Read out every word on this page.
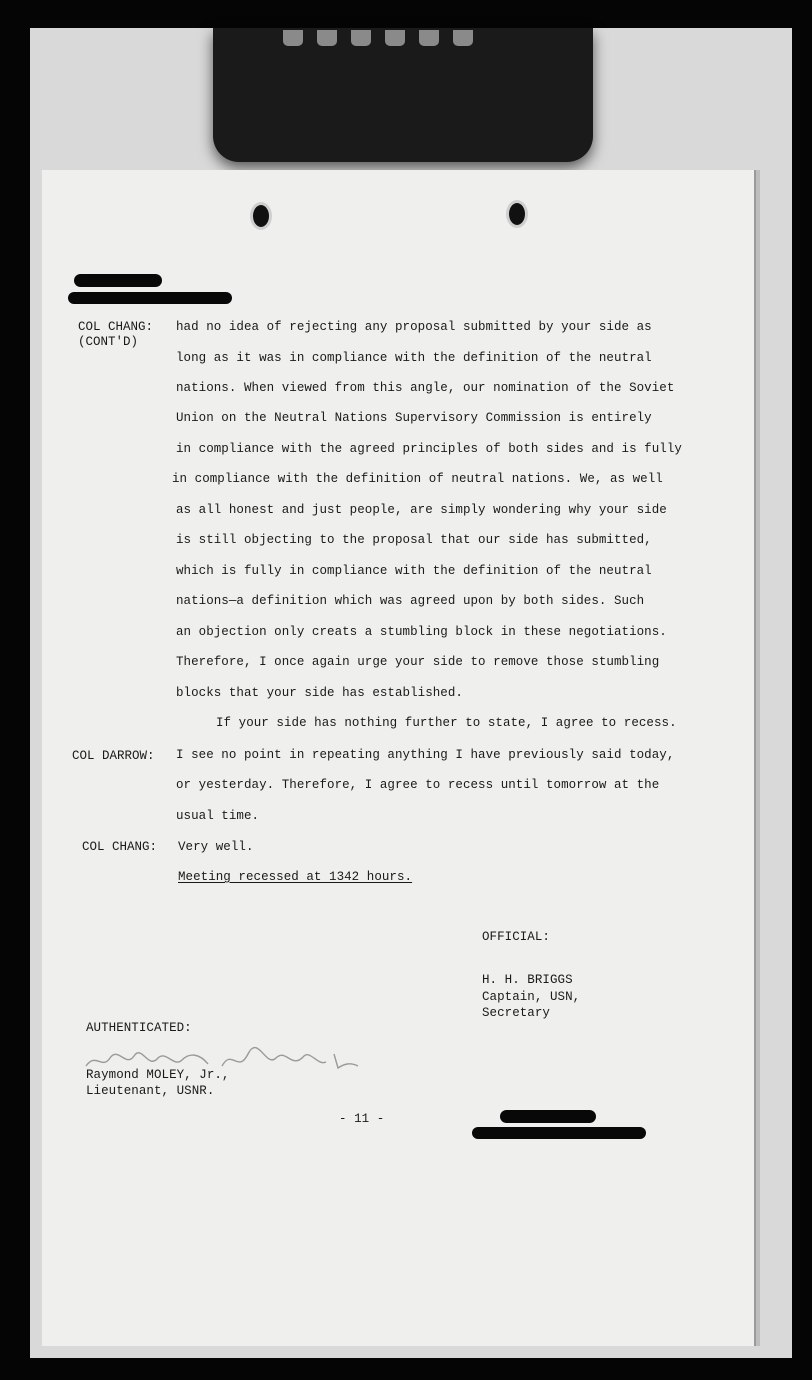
COL CHANG:
(CONT'D)
had no idea of rejecting any proposal submitted by your side as
long as it was in compliance with the definition of the neutral
nations. When viewed from this angle, our nomination of the Soviet
Union on the Neutral Nations Supervisory Commission is entirely
in compliance with the agreed principles of both sides and is fully
in compliance with the definition of neutral nations. We, as well
as all honest and just people, are simply wondering why your side
is still objecting to the proposal that our side has submitted,
which is fully in compliance with the definition of the neutral
nations—a definition which was agreed upon by both sides. Such
an objection only creats a stumbling block in these negotiations.
Therefore, I once again urge your side to remove those stumbling
blocks that your side has established.
If your side has nothing further to state, I agree to recess.
COL DARROW: I see no point in repeating anything I have previously said today,
or yesterday. Therefore, I agree to recess until tomorrow at the
usual time.
COL CHANG: Very well.
Meeting recessed at 1342 hours.
OFFICIAL:
H. H. BRIGGS
Captain, USN,
Secretary
AUTHENTICATED:
Raymond MOLEY, Jr.,
Lieutenant, USNR.
- 11 -
